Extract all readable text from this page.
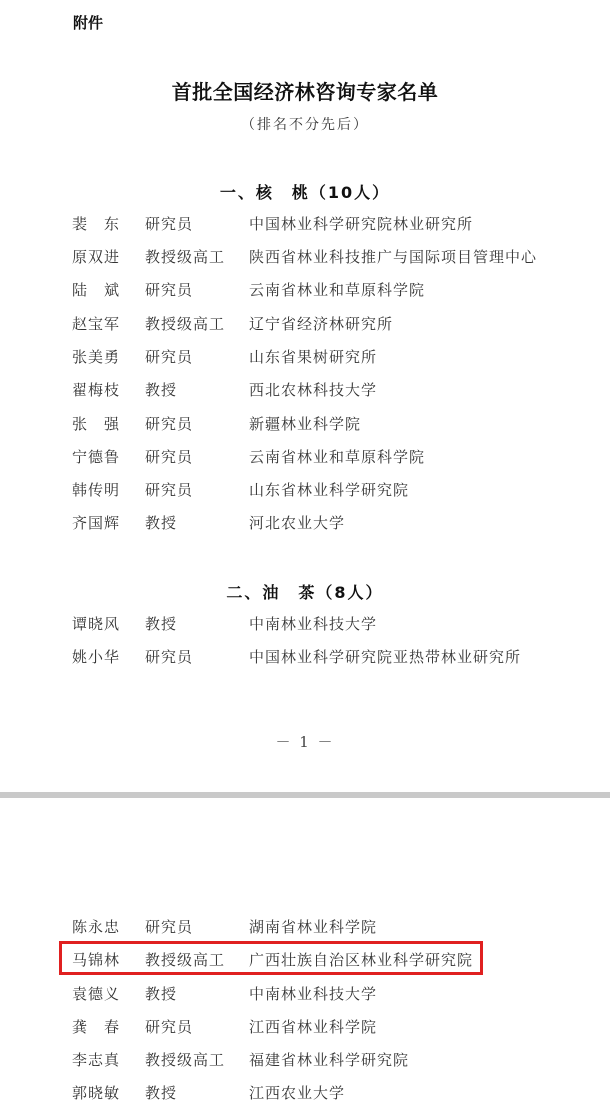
附件
首批全国经济林咨询专家名单
（排名不分先后）
一、核　桃（10人）
裴　东 研究员	中国林业科学研究院林业研究所
原双进 教授级高工 陕西省林业科技推广与国际项目管理中心
陆　斌 研究员	云南省林业和草原科学院
赵宝军 教授级高工 辽宁省经济林研究所
张美勇 研究员	山东省果树研究所
翟梅枝 教授	西北农林科技大学
张　强 研究员	新疆林业科学院
宁德鲁 研究员	云南省林业和草原科学院
韩传明 研究员	山东省林业科学研究院
齐国辉 教授	河北农业大学
二、油　茶（8人）
谭晓风 教授	中南林业科技大学
姚小华 研究员	中国林业科学研究院亚热带林业研究所
－ 1 －
陈永忠 研究员	湖南省林业科学院
马锦林 教授级高工 广西壮族自治区林业科学研究院
袁德义 教授	中南林业科技大学
龚　春 研究员	江西省林业科学院
李志真 教授级高工 福建省林业科学研究院
郭晓敏 教授	江西农业大学
